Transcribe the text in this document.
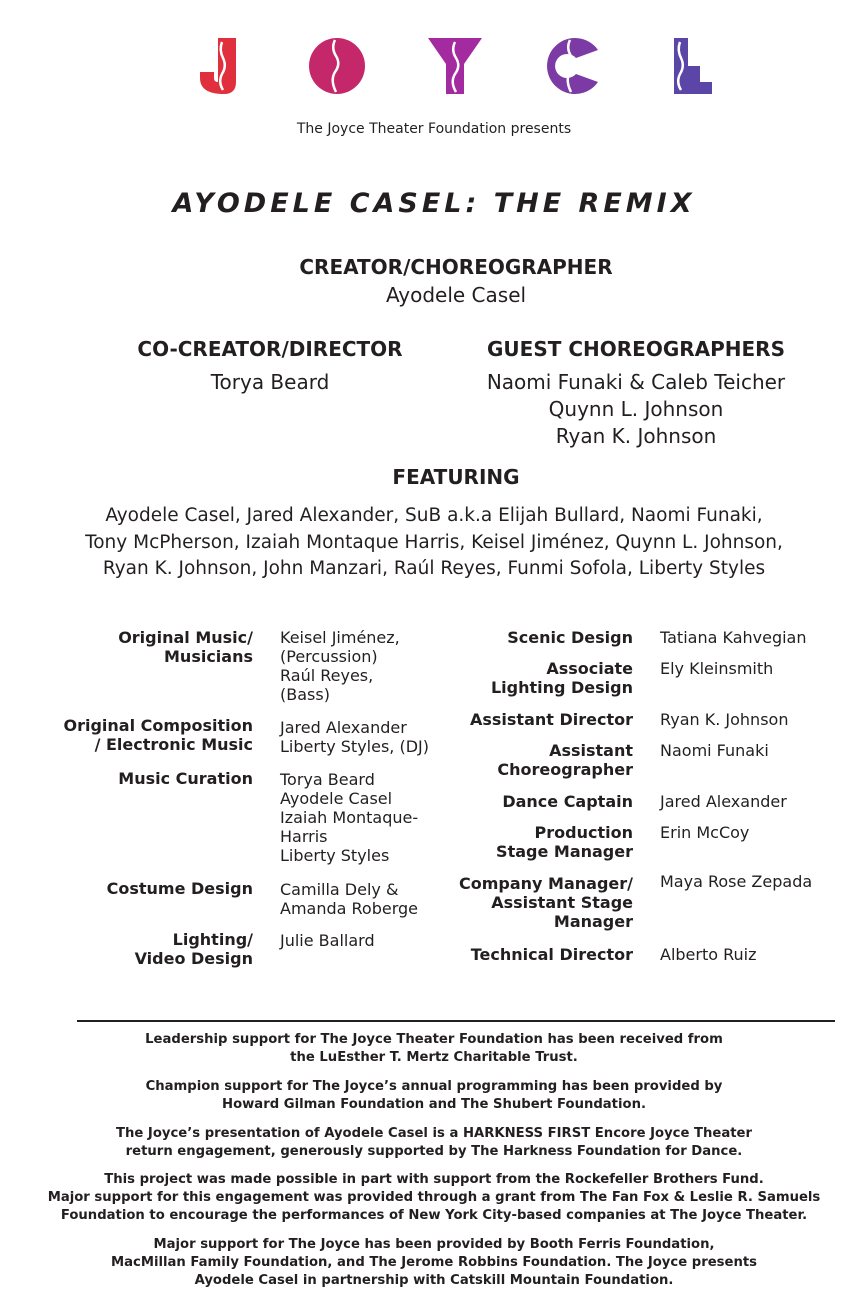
The Joyce Theater Foundation presents
AYODELE CASEL: THE REMIX
CREATOR/CHOREOGRAPHER
Ayodele Casel
CO-CREATOR/DIRECTOR
Torya Beard
GUEST CHOREOGRAPHERS
Naomi Funaki & Caleb Teicher
Quynn L. Johnson
Ryan K. Johnson
FEATURING
Ayodele Casel, Jared Alexander, SuB a.k.a Elijah Bullard, Naomi Funaki,
Tony McPherson, Izaiah Montaque Harris, Keisel Jiménez, Quynn L. Johnson,
Ryan K. Johnson, John Manzari, Raúl Reyes, Funmi Sofola, Liberty Styles
Original Music/
Musicians
Keisel Jiménez,
(Percussion)
Raúl Reyes,
(Bass)
Original Composition
/ Electronic Music
Jared Alexander
Liberty Styles, (DJ)
Music Curation Torya Beard
Ayodele Casel
Izaiah Montaque-
Harris
Liberty Styles
Costume Design Camilla Dely &
Amanda Roberge
Lighting/
Video Design
Julie Ballard
Scenic Design Tatiana Kahvegian
Associate
Lighting Design
Ely Kleinsmith
Assistant Director Ryan K. Johnson
Assistant
Choreographer
Naomi Funaki
Dance Captain Jared Alexander
Production
Stage Manager
Erin McCoy
Company Manager/
Assistant Stage
Manager
Maya Rose Zepada
Technical Director Alberto Ruiz
Leadership support for The Joyce Theater Foundation has been received from
the LuEsther T. Mertz Charitable Trust.
Champion support for The Joyce’s annual programming has been provided by
Howard Gilman Foundation and The Shubert Foundation.
The Joyce’s presentation of Ayodele Casel is a HARKNESS FIRST Encore Joyce Theater
return engagement, generously supported by The Harkness Foundation for Dance.
This project was made possible in part with support from the Rockefeller Brothers Fund.
Major support for this engagement was provided through a grant from The Fan Fox & Leslie R. Samuels
Foundation to encourage the performances of New York City-based companies at The Joyce Theater.
Major support for The Joyce has been provided by Booth Ferris Foundation,
MacMillan Family Foundation, and The Jerome Robbins Foundation. The Joyce presents
Ayodele Casel in partnership with Catskill Mountain Foundation.
